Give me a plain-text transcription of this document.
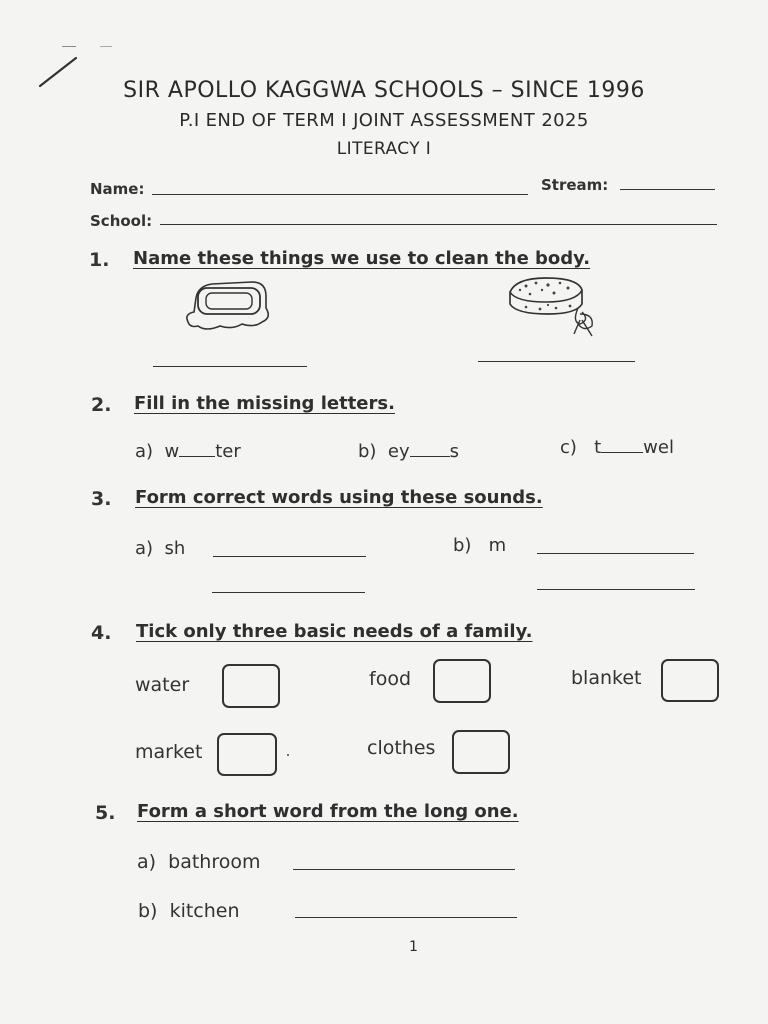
SIR APOLLO KAGGWA SCHOOLS – SINCE 1996
P.I END OF TERM I JOINT ASSESSMENT 2025
LITERACY I
Name:	Stream:
School:
1. Name these things we use to clean the body.
2. Fill in the missing letters.
a) w ter	b) ey s	c) t wel
3. Form correct words using these sounds.
a) sh	b) m
4. Tick only three basic needs of a family.
water	food	blanket
market	clothes
5. Form a short word from the long one.
a) bathroom
b) kitchen
1
